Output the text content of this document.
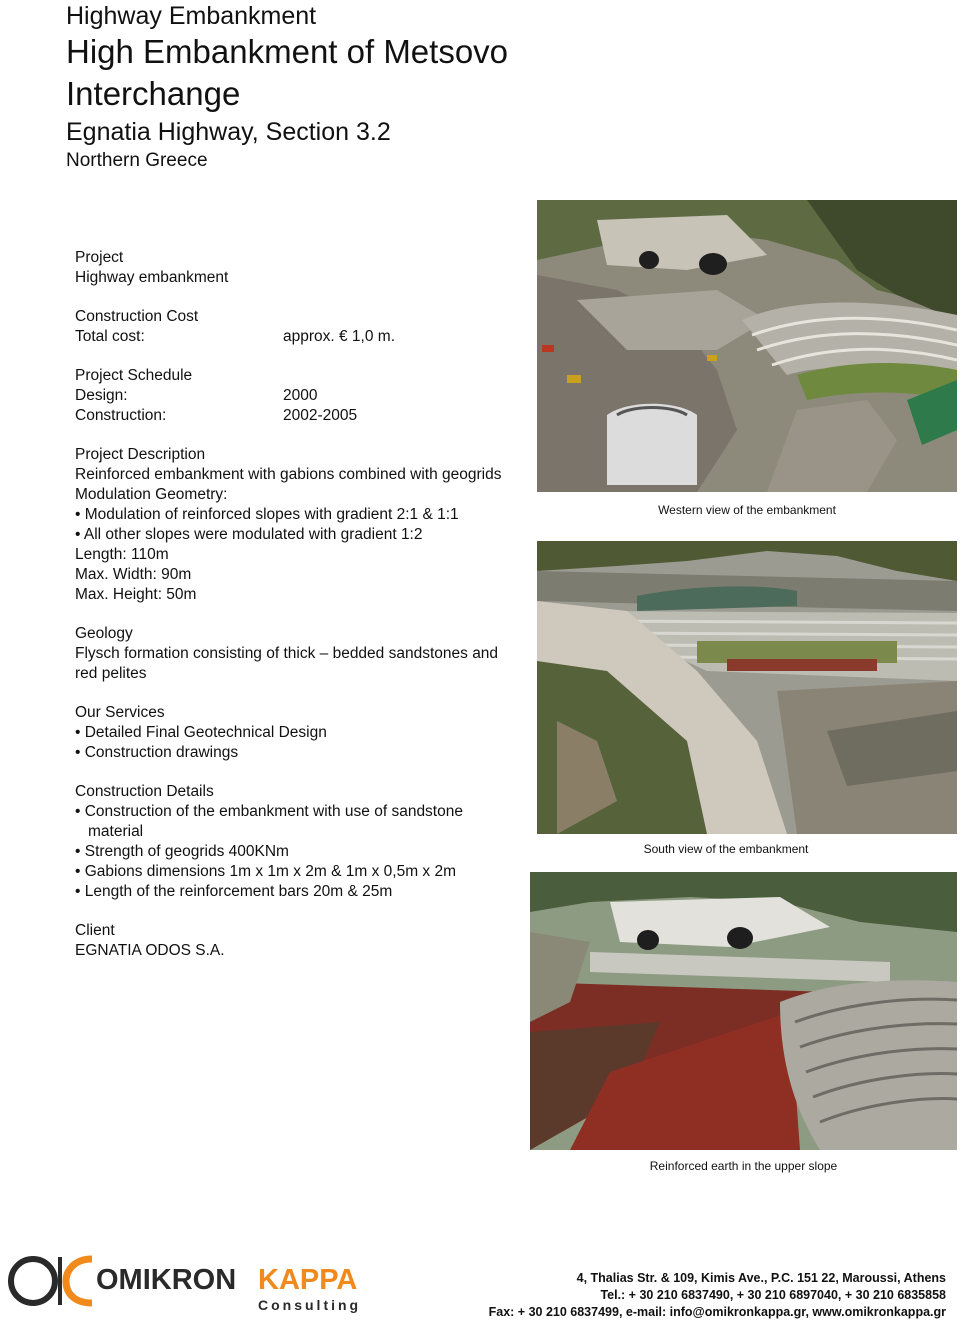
Highway Embankment
High Embankment of Metsovo
Interchange
Egnatia Highway, Section 3.2
Northern Greece
Project
Highway embankment
Construction Cost
Total cost:	approx. € 1,0 m.
Project Schedule
Design:	2000
Construction:	2002-2005
Project Description
Reinforced embankment with gabions combined with geogrids
Modulation Geometry:
• Modulation of reinforced slopes with gradient 2:1 & 1:1
• All other slopes were modulated with gradient 1:2
Length: 110m
Max. Width: 90m
Max. Height: 50m
Geology
Flysch formation consisting of thick – bedded sandstones and red pelites
Our Services
• Detailed Final Geotechnical Design
• Construction drawings
Construction Details
• Construction of the embankment with use of sandstone material
• Strength of geogrids 400KNm
• Gabions dimensions 1m x 1m x 2m & 1m x 0,5m x 2m
• Length of the reinforcement bars 20m & 25m
Client
EGNATIA ODOS S.A.
Western view of the embankment
South view of the embankment
Reinforced earth in the upper slope
OMIKRON KAPPA
Consulting
4, Thalias Str. & 109, Kimis Ave., P.C. 151 22, Maroussi, Athens
Tel.: + 30 210 6837490, + 30 210 6897040, + 30 210 6835858
Fax: + 30 210 6837499, e-mail: info@omikronkappa.gr, www.omikronkappa.gr
